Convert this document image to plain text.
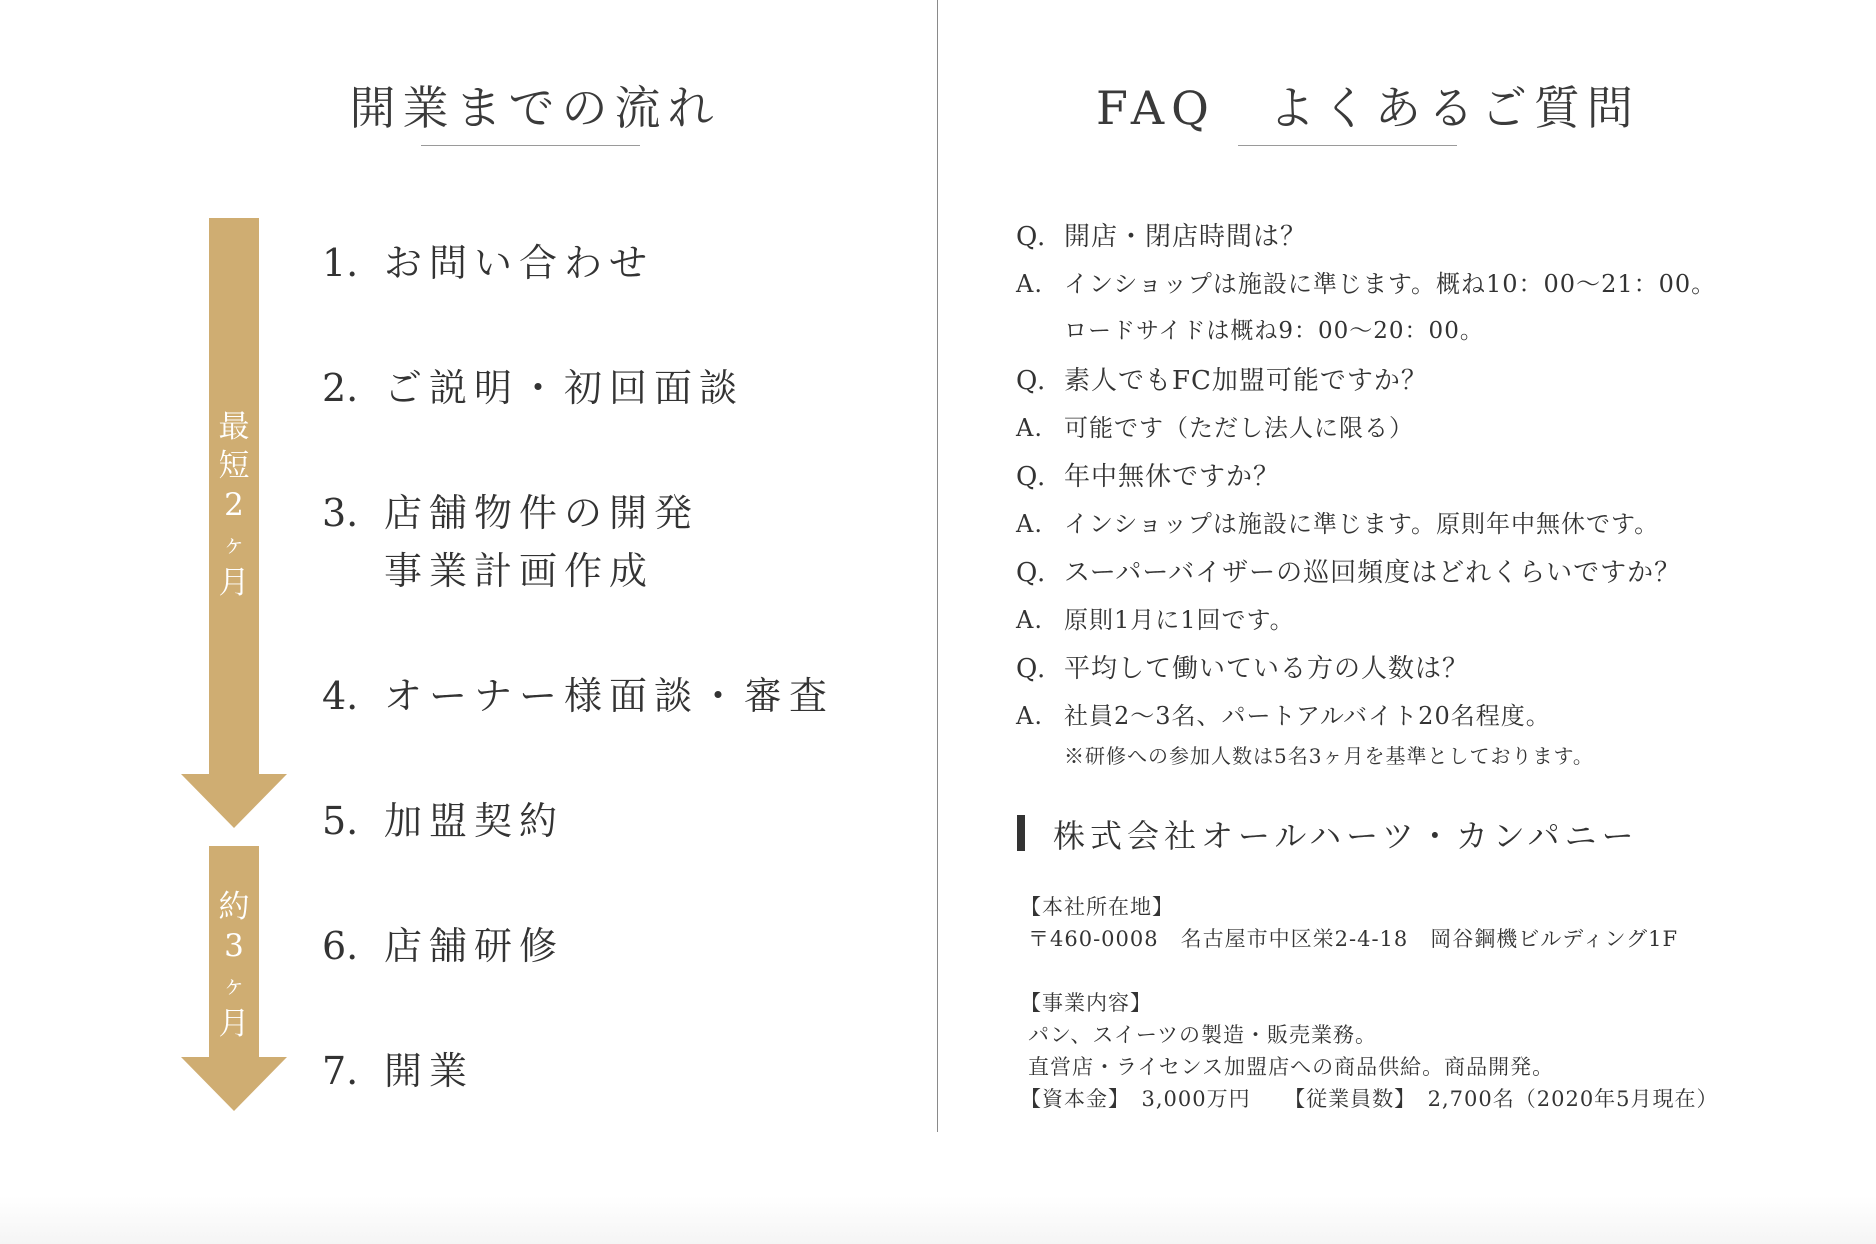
開業までの流れ
最
短
2
ヶ
月
約
3
ヶ
月

1. お問い合わせ

2. ご説明・初回面談

3. 店舗物件の開発
事業計画作成

4. オーナー様面談・審査

5. 加盟契約

6. 店舗研修

7. 開業

FAQ　よくあるご質問

Q. 開店・閉店時間は？

A. インショップは施設に準じます。概ね10：00～21：00。

ロードサイドは概ね9：00～20：00。

Q. 素人でもFC加盟可能ですか？

A. 可能です（ただし法人に限る）

Q. 年中無休ですか？

A. インショップは施設に準じます。原則年中無休です。

Q. スーパーバイザーの巡回頻度はどれくらいですか？

A. 原則1月に1回です。

Q. 平均して働いている方の人数は？

A. 社員2～3名、パートアルバイト20名程度。

※研修への参加人数は5名3ヶ月を基準としております。

株式会社オールハーツ・カンパニー

【本社所在地】

〒460-0008　名古屋市中区栄2-4-18　岡谷鋼機ビルディング1F

【事業内容】

パン、スイーツの製造・販売業務。

直営店・ライセンス加盟店への商品供給。商品開発。

【資本金】　3,000万円　　【従業員数】　2,700名（2020年5月現在）
